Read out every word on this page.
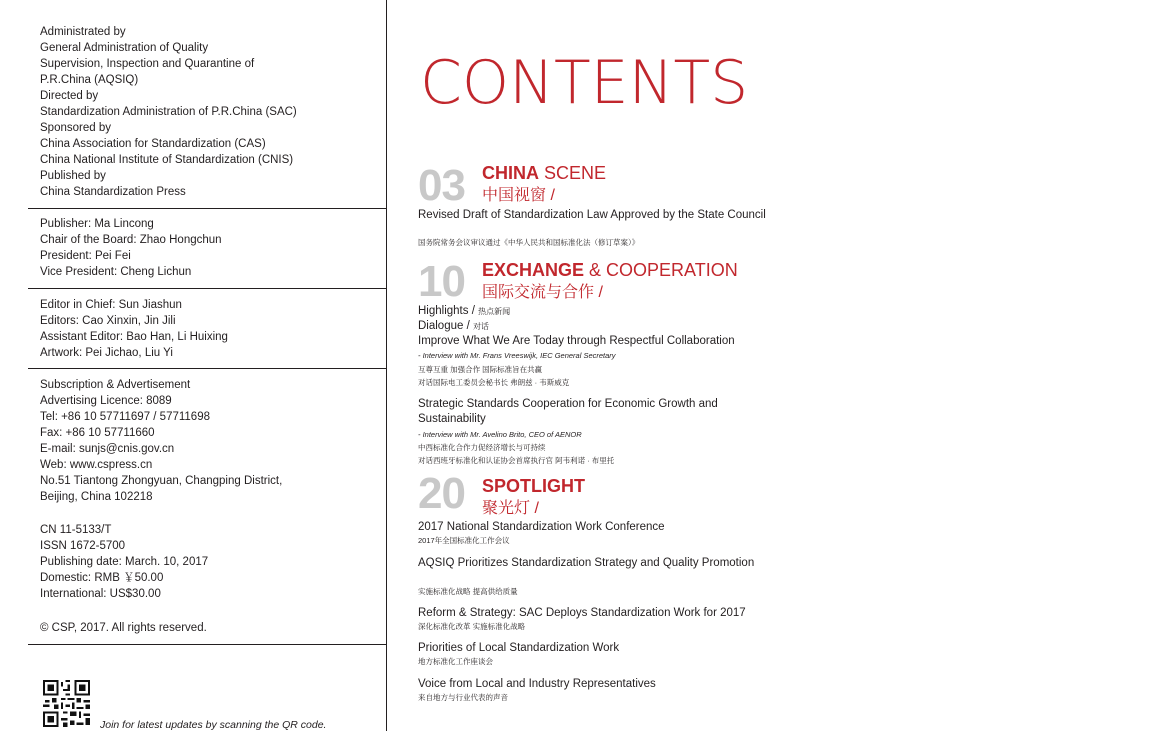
Administrated by
General Administration of Quality
Supervision, Inspection and Quarantine of
P.R.China (AQSIQ)
Directed by
Standardization Administration of P.R.China (SAC)
Sponsored by
China Association for Standardization (CAS)
China National Institute of Standardization (CNIS)
Published by
China Standardization Press
Publisher: Ma Lincong
Chair of the Board: Zhao Hongchun
President: Pei Fei
Vice President: Cheng Lichun
Editor in Chief: Sun Jiashun
Editors: Cao Xinxin, Jin Jili
Assistant Editor: Bao Han, Li Huixing
Artwork: Pei Jichao, Liu Yi
Subscription & Advertisement
Advertising Licence: 8089
Tel: +86 10 57711697 / 57711698
Fax: +86 10 57711660
E-mail: sunjs@cnis.gov.cn
Web: www.cspress.cn
No.51 Tiantong Zhongyuan, Changping District,
Beijing, China 102218
CN 11-5133/T
ISSN 1672-5700
Publishing date: March. 10, 2017
Domestic: RMB ￥50.00
International: US$30.00
© CSP, 2017. All rights reserved.
Join for latest updates by scanning the QR code.
CONTENTS
03 CHINA SCENE
中国视窗 /
Revised Draft of Standardization Law Approved by the State Council
国务院常务会议审议通过《中华人民共和国标准化法（修订草案）》
10 EXCHANGE & COOPERATION
国际交流与合作 /
Highlights / 热点新闻
Dialogue / 对话
Improve What We Are Today through Respectful Collaboration
- Interview with Mr. Frans Vreeswijk, IEC General Secretary
互尊互重 加强合作 国际标准旨在共赢
对话国际电工委员会秘书长 弗朗兹 · 韦斯威克
Strategic Standards Cooperation for Economic Growth and Sustainability
- Interview with Mr. Avelino Brito, CEO of AENOR
中西标准化合作力促经济增长与可持续
对话西班牙标准化和认证协会首席执行官 阿韦利诺 · 布里托
20 SPOTLIGHT
聚光灯 /
2017 National Standardization Work Conference
2017年全国标准化工作会议
AQSIQ Prioritizes Standardization Strategy and Quality Promotion
实施标准化战略 提高供给质量
Reform & Strategy: SAC Deploys Standardization Work for 2017
深化标准化改革 实施标准化战略
Priorities of Local Standardization Work
地方标准化工作座谈会
Voice from Local and Industry Representatives
来自地方与行业代表的声音
